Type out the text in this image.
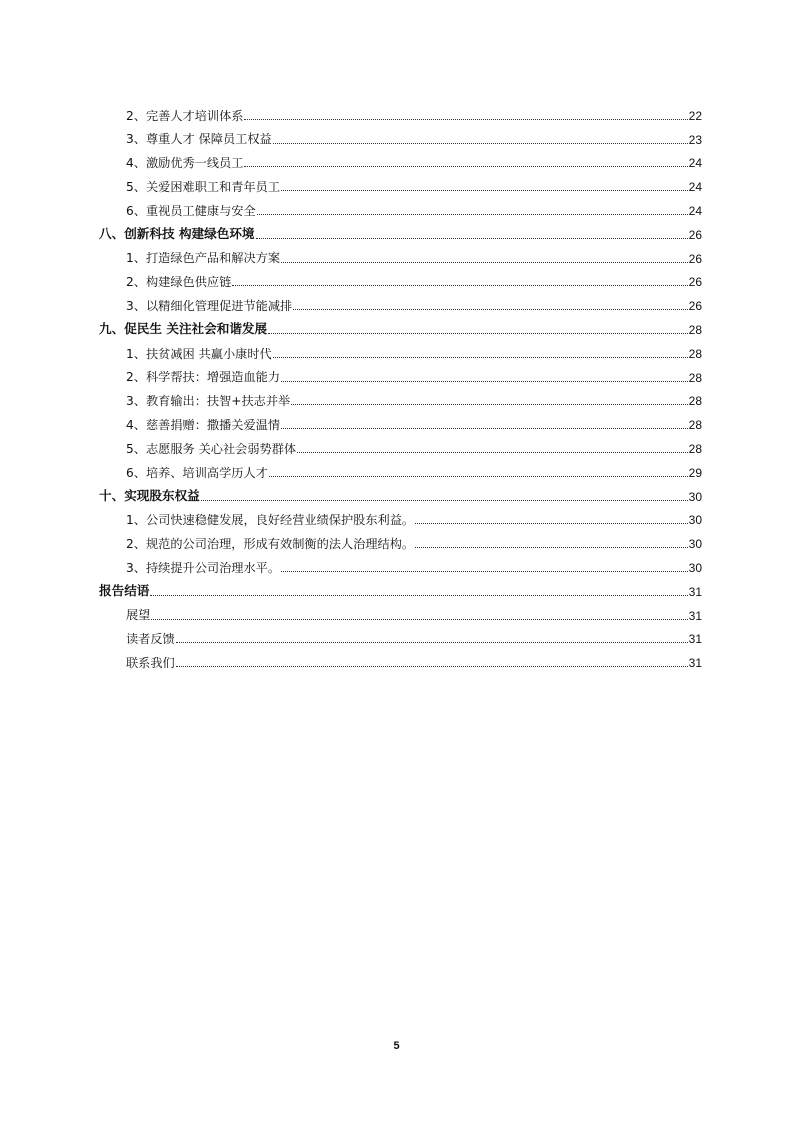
2、完善人才培训体系	22
3、尊重人才 保障员工权益	23
4、激励优秀一线员工	24
5、关爱困难职工和青年员工	24
6、重视员工健康与安全	24
八、创新科技 构建绿色环境	26
1、打造绿色产品和解决方案	26
2、构建绿色供应链	26
3、以精细化管理促进节能减排	26
九、促民生 关注社会和谐发展	28
1、扶贫减困 共赢小康时代	28
2、科学帮扶：增强造血能力	28
3、教育输出：扶智+扶志并举	28
4、慈善捐赠：撒播关爱温情	28
5、志愿服务 关心社会弱势群体	28
6、培养、培训高学历人才	29
十、实现股东权益	30
1、公司快速稳健发展，良好经营业绩保护股东利益。	30
2、规范的公司治理，形成有效制衡的法人治理结构。	30
3、持续提升公司治理水平。	30
报告结语	31
展望	31
读者反馈	31
联系我们	31
5
